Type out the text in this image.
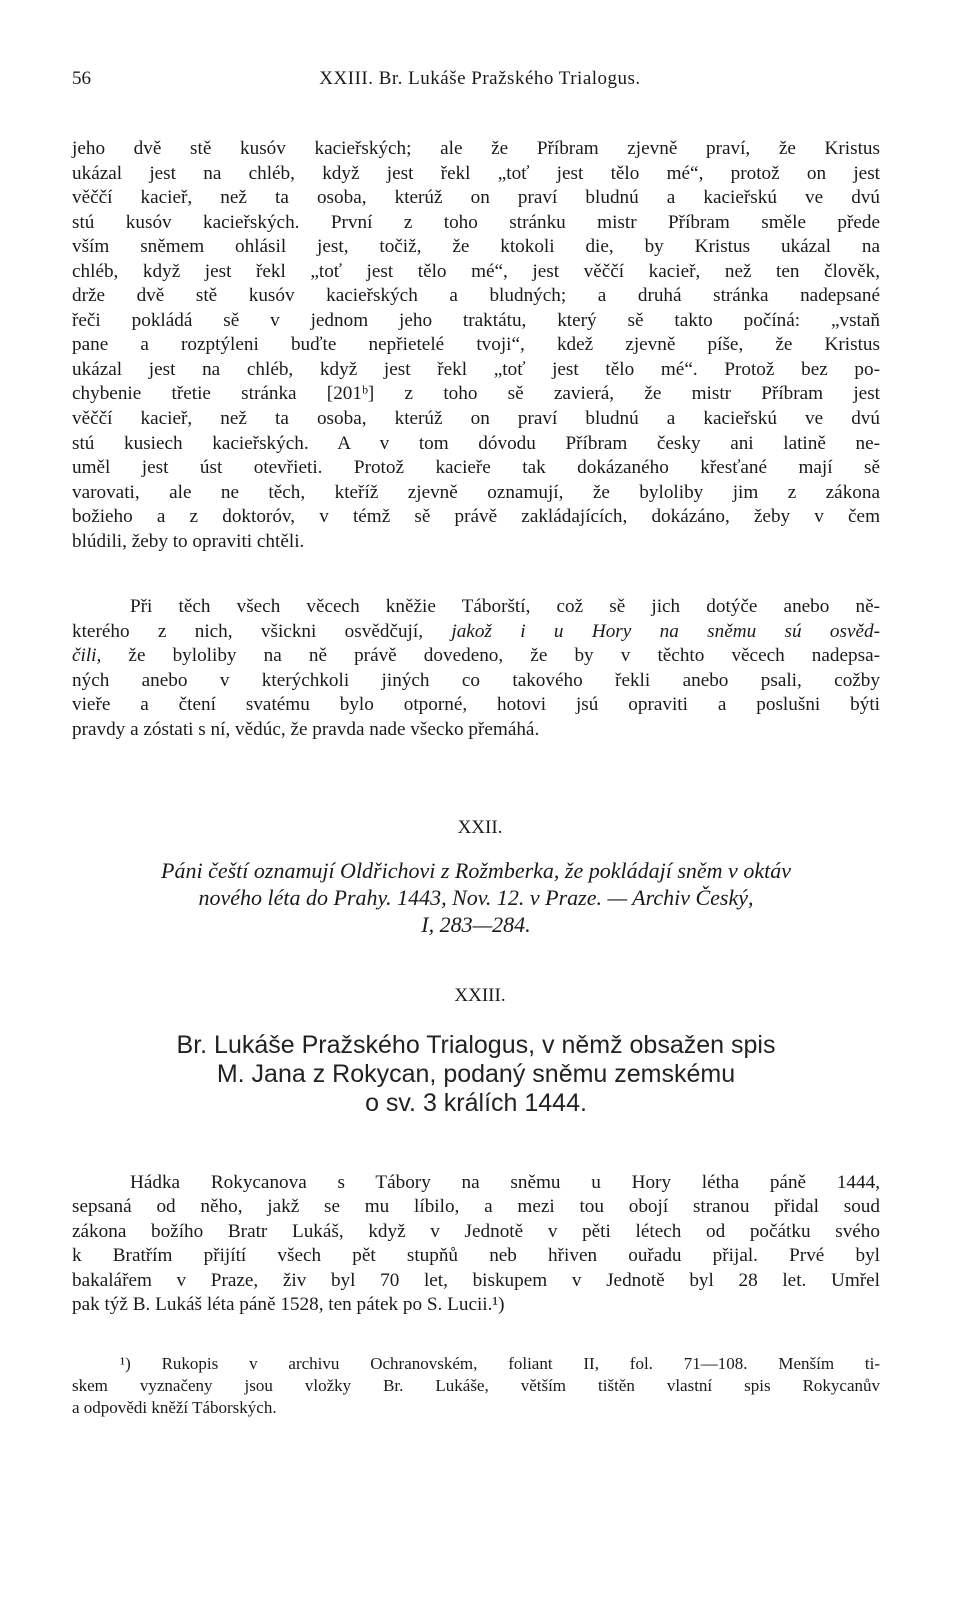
56	XXIII. Br. Lukáše Pražského Trialogus.
jeho dvě stě kusóv kacieřských; ale že Příbram zjevně praví, že Kristus
ukázal jest na chléb, když jest řekl „toť jest tělo mé“, protož on jest
věččí kacieř, než ta osoba, kterúž on praví bludnú a kacieřskú ve dvú
stú kusóv kacieřských. První z toho stránku mistr Příbram směle přede
vším sněmem ohlásil jest, točiž, že ktokoli die, by Kristus ukázal na
chléb, když jest řekl „toť jest tělo mé“, jest věččí kacieř, než ten člověk,
drže dvě stě kusóv kacieřských a bludných; a druhá stránka nadepsané
řeči pokládá sě v jednom jeho traktátu, který sě takto počíná: „vstaň
pane a rozptýleni buďte nepřietelé tvoji“, kdež zjevně píše, že Kristus
ukázal jest na chléb, když jest řekl „toť jest tělo mé“. Protož bez po-
chybenie třetie stránka [201ᵇ] z toho sě zavierá, že mistr Příbram jest
věččí kacieř, než ta osoba, kterúž on praví bludnú a kacieřskú ve dvú
stú kusiech kacieřských. A v tom dóvodu Příbram česky ani latině ne-
uměl jest úst otevřieti. Protož kacieře tak dokázaného křesťané mají sě
varovati, ale ne těch, kteříž zjevně oznamují, že byloliby jim z zákona
božieho a z doktoróv, v témž sě právě zakládajících, dokázáno, žeby v čem
blúdili, žeby to opraviti chtěli.
Při těch všech věcech kněžie Táborští, což sě jich dotýče anebo ně-
kterého z nich, všickni osvědčují, jakož i u Hory na sněmu sú osvěd-
čili, že byloliby na ně právě dovedeno, že by v těchto věcech nadepsa-
ných anebo v kterýchkoli jiných co takového řekli anebo psali, cožby
vieře a čtení svatému bylo otporné, hotovi jsú opraviti a poslušni býti
pravdy a zóstati s ní, vědúc, že pravda nade všecko přemáhá.
XXII.
Páni čeští oznamují Oldřichovi z Rožmberka, že pokládají sněm v oktáv
nového léta do Prahy. 1443, Nov. 12. v Praze. — Archiv Český,
I, 283—284.
XXIII.
Br. Lukáše Pražského Trialogus, v němž obsažen spis
M. Jana z Rokycan, podaný sněmu zemskému
o sv. 3 králích 1444.
Hádka Rokycanova s Tábory na sněmu u Hory létha páně 1444,
sepsaná od něho, jakž se mu líbilo, a mezi tou obojí stranou přidal soud
zákona božího Bratr Lukáš, když v Jednotě v pěti létech od počátku svého
k Bratřím přijítí všech pět stupňů neb hřiven ouřadu přijal. Prvé byl
bakalářem v Praze, živ byl 70 let, biskupem v Jednotě byl 28 let. Umřel
pak týž B. Lukáš léta páně 1528, ten pátek po S. Lucii.¹)
¹) Rukopis v archivu Ochranovském, foliant II, fol. 71—108. Menším ti-
skem vyznačeny jsou vložky Br. Lukáše, větším tištěn vlastní spis Rokycanův
a odpovědi kněží Táborských.
